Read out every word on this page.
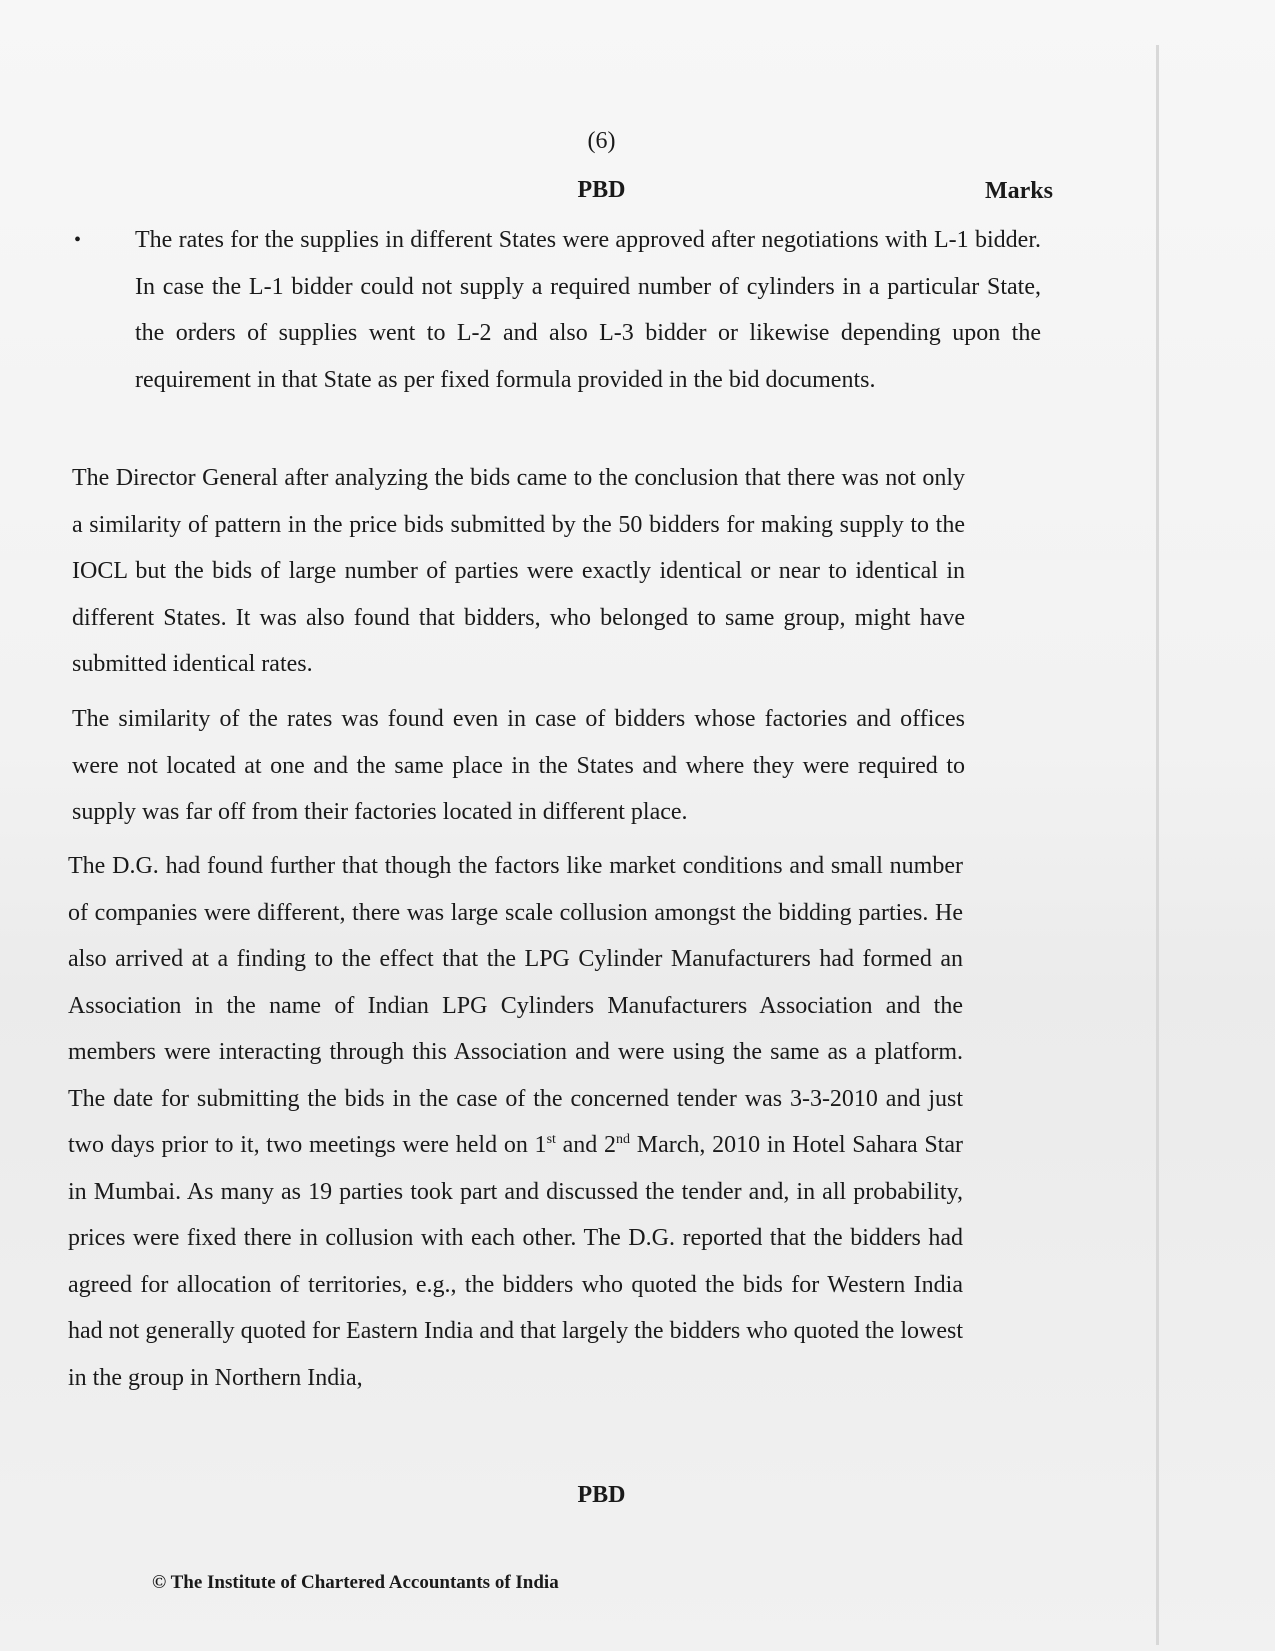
(6)
PBD	Marks
• The rates for the supplies in different States were approved after negotiations with L-1 bidder. In case the L-1 bidder could not supply a required number of cylinders in a particular State, the orders of supplies went to L-2 and also L-3 bidder or likewise depending upon the requirement in that State as per fixed formula provided in the bid documents.

The Director General after analyzing the bids came to the conclusion that there was not only a similarity of pattern in the price bids submitted by the 50 bidders for making supply to the IOCL but the bids of large number of parties were exactly identical or near to identical in different States. It was also found that bidders, who belonged to same group, might have submitted identical rates.

The similarity of the rates was found even in case of bidders whose factories and offices were not located at one and the same place in the States and where they were required to supply was far off from their factories located in different place.

The D.G. had found further that though the factors like market conditions and small number of companies were different, there was large scale collusion amongst the bidding parties. He also arrived at a finding to the effect that the LPG Cylinder Manufacturers had formed an Association in the name of Indian LPG Cylinders Manufacturers Association and the members were interacting through this Association and were using the same as a platform. The date for submitting the bids in the case of the concerned tender was 3-3-2010 and just two days prior to it, two meetings were held on 1st and 2nd March, 2010 in Hotel Sahara Star in Mumbai. As many as 19 parties took part and discussed the tender and, in all probability, prices were fixed there in collusion with each other. The D.G. reported that the bidders had agreed for allocation of territories, e.g., the bidders who quoted the bids for Western India had not generally quoted for Eastern India and that largely the bidders who quoted the lowest in the group in Northern India,

PBD
© The Institute of Chartered Accountants of India
